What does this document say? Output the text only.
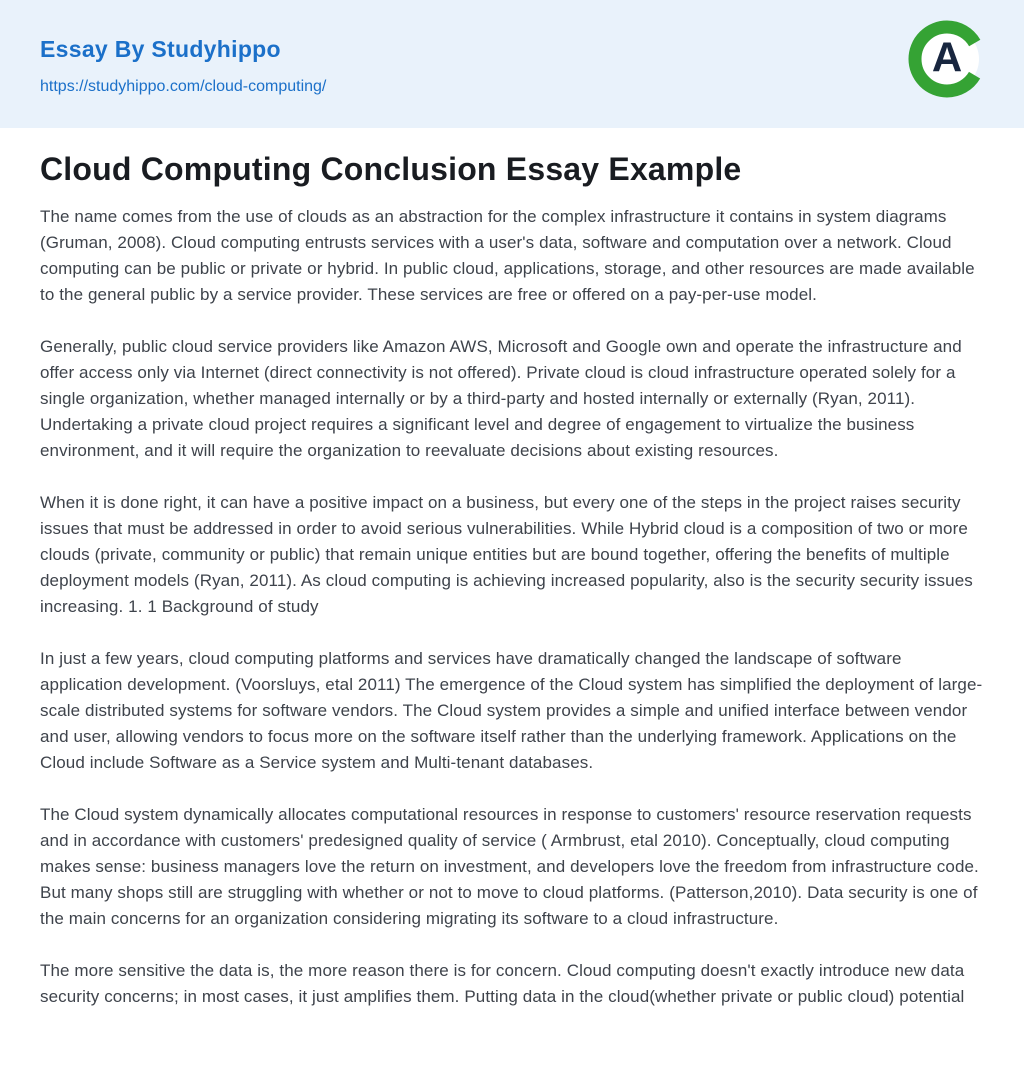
Essay By Studyhippo
https://studyhippo.com/cloud-computing/
A
Cloud Computing Conclusion Essay Example

The name comes from the use of clouds as an abstraction for the complex infrastructure it contains in system diagrams (Gruman, 2008). Cloud computing entrusts services with a user's data, software and computation over a network. Cloud computing can be public or private or hybrid. In public cloud, applications, storage, and other resources are made available to the general public by a service provider. These services are free or offered on a pay-per-use model.

Generally, public cloud service providers like Amazon AWS, Microsoft and Google own and operate the infrastructure and offer access only via Internet (direct connectivity is not offered). Private cloud is cloud infrastructure operated solely for a single organization, whether managed internally or by a third-party and hosted internally or externally (Ryan, 2011). Undertaking a private cloud project requires a significant level and degree of engagement to virtualize the business environment, and it will require the organization to reevaluate decisions about existing resources.

When it is done right, it can have a positive impact on a business, but every one of the steps in the project raises security issues that must be addressed in order to avoid serious vulnerabilities. While Hybrid cloud is a composition of two or more clouds (private, community or public) that remain unique entities but are bound together, offering the benefits of multiple deployment models (Ryan, 2011). As cloud computing is achieving increased popularity, also is the security security issues increasing. 1. 1 Background of study

In just a few years, cloud computing platforms and services have dramatically changed the landscape of software application development. (Voorsluys, etal 2011) The emergence of the Cloud system has simplified the deployment of large-scale distributed systems for software vendors. The Cloud system provides a simple and unified interface between vendor and user, allowing vendors to focus more on the software itself rather than the underlying framework. Applications on the Cloud include Software as a Service system and Multi-tenant databases.

The Cloud system dynamically allocates computational resources in response to customers' resource reservation requests and in accordance with customers' predesigned quality of service ( Armbrust, etal 2010). Conceptually, cloud computing makes sense: business managers love the return on investment, and developers love the freedom from infrastructure code. But many shops still are struggling with whether or not to move to cloud platforms. (Patterson,2010). Data security is one of the main concerns for an organization considering migrating its software to a cloud infrastructure.

The more sensitive the data is, the more reason there is for concern. Cloud computing doesn't exactly introduce new data security concerns; in most cases, it just amplifies them. Putting data in the cloud(whether private or public cloud) potential
